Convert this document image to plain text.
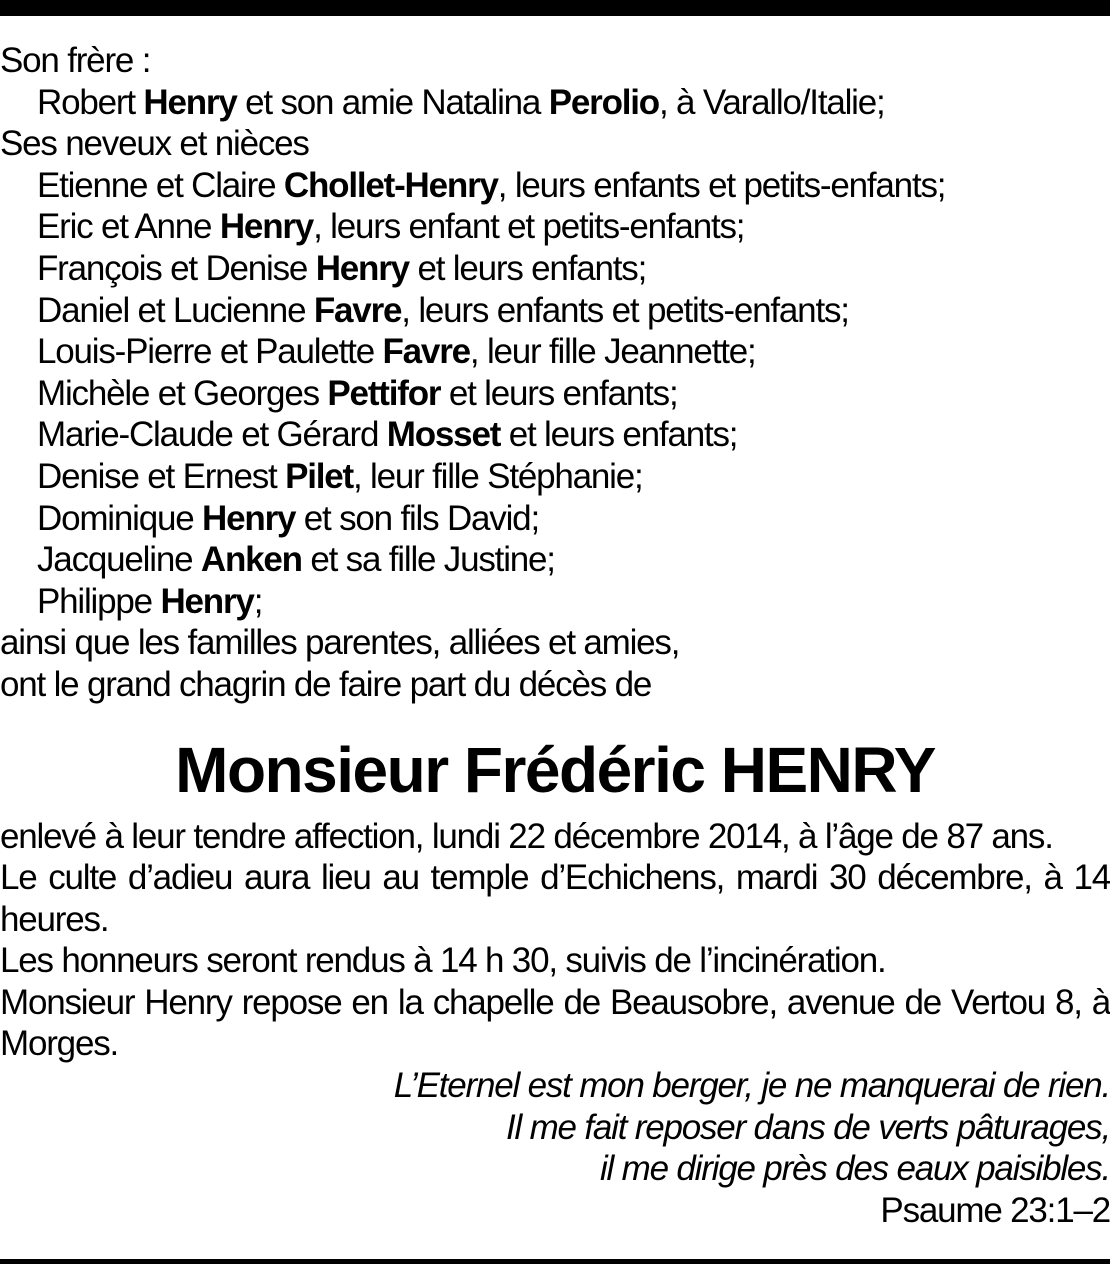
Son frère :
Robert Henry et son amie Natalina Perolio, à Varallo/Italie;
Ses neveux et nièces
Etienne et Claire Chollet-Henry, leurs enfants et petits-enfants;
Eric et Anne Henry, leurs enfant et petits-enfants;
François et Denise Henry et leurs enfants;
Daniel et Lucienne Favre, leurs enfants et petits-enfants;
Louis-Pierre et Paulette Favre, leur fille Jeannette;
Michèle et Georges Pettifor et leurs enfants;
Marie-Claude et Gérard Mosset et leurs enfants;
Denise et Ernest Pilet, leur fille Stéphanie;
Dominique Henry et son fils David;
Jacqueline Anken et sa fille Justine;
Philippe Henry;
ainsi que les familles parentes, alliées et amies,
ont le grand chagrin de faire part du décès de
Monsieur Frédéric HENRY
enlevé à leur tendre affection, lundi 22 décembre 2014, à l’âge de 87 ans.
Le culte d’adieu aura lieu au temple d’Echichens, mardi 30 décembre, à 14 heures.
Les honneurs seront rendus à 14 h 30, suivis de l’incinération.
Monsieur Henry repose en la chapelle de Beausobre, avenue de Vertou 8, à Morges.
L’Eternel est mon berger, je ne manquerai de rien.
Il me fait reposer dans de verts pâturages,
il me dirige près des eaux paisibles.
Psaume 23:1–2
